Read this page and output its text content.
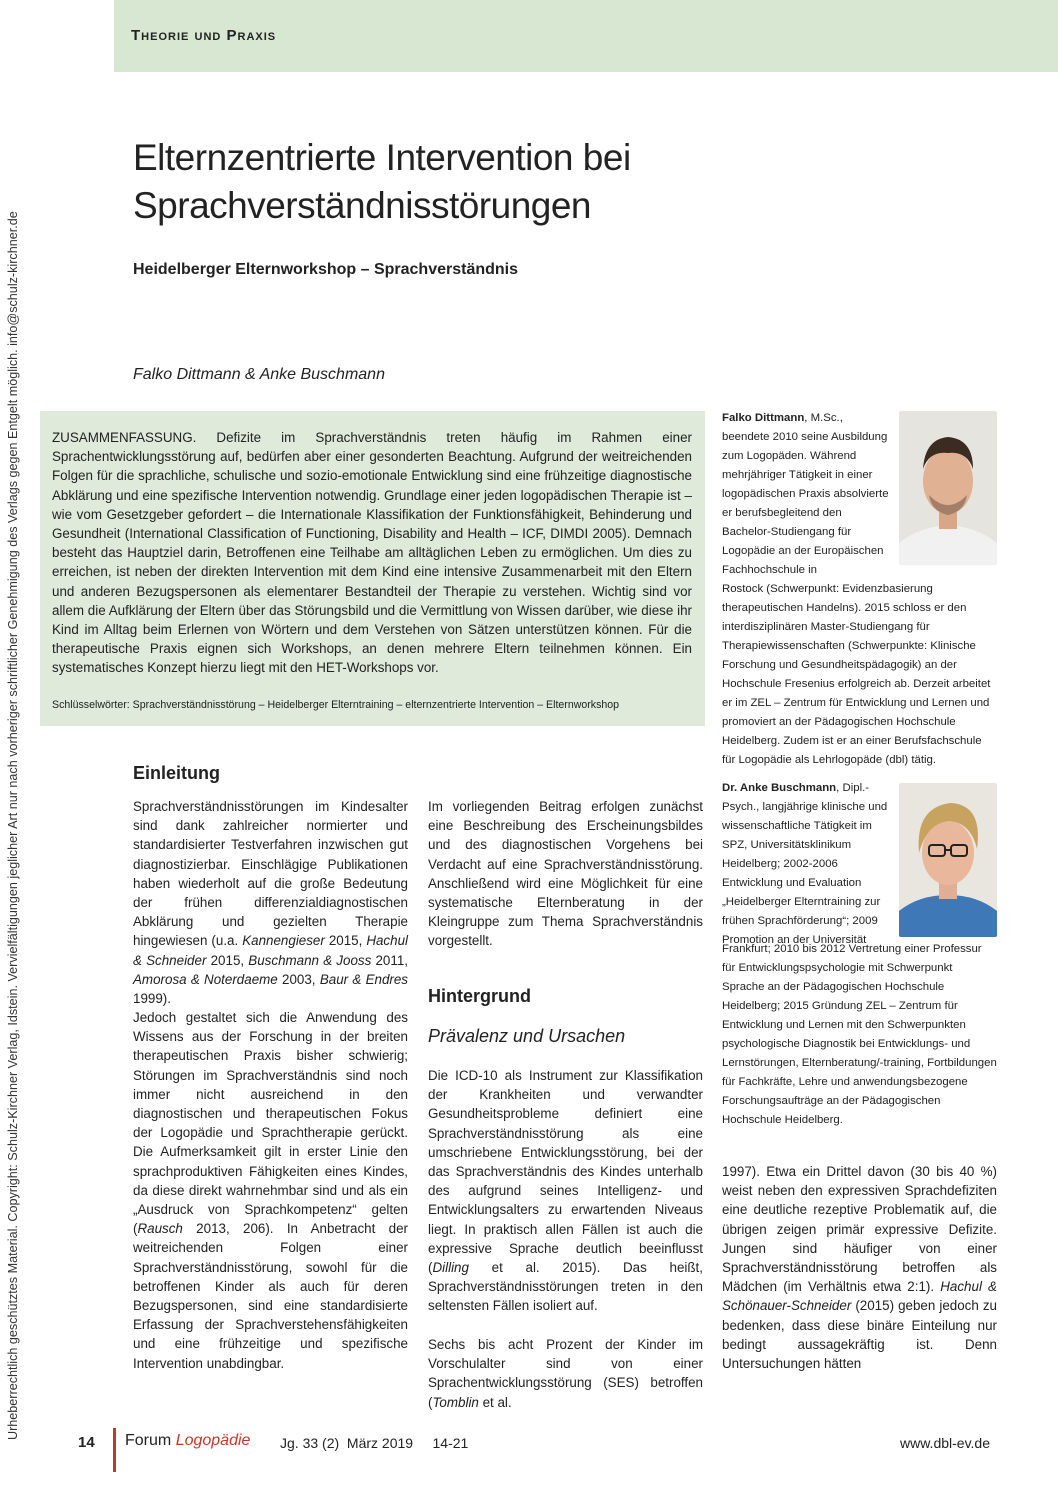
Theorie und Praxis
Urheberrechtlich geschütztes Material. Copyright: Schulz-Kirchner Verlag, Idstein. Vervielfältigungen jeglicher Art nur nach vorheriger schriftlicher Genehmigung des Verlags gegen Entgelt möglich. info@schulz-kirchner.de
Elternzentrierte Intervention bei
Sprachverständnisstörungen
Heidelberger Elternworkshop – Sprachverständnis
Falko Dittmann & Anke Buschmann
ZUSAMMENFASSUNG. Defizite im Sprachverständnis treten häufig im Rahmen einer Sprachentwicklungsstörung auf, bedürfen aber einer gesonderten Beachtung. Aufgrund der weitreichenden Folgen für die sprachliche, schulische und sozio-emotionale Entwicklung sind eine frühzeitige diagnostische Abklärung und eine spezifische Intervention notwendig. Grundlage einer jeden logopädischen Therapie ist – wie vom Gesetzgeber gefordert – die Internationale Klassifikation der Funktionsfähigkeit, Behinderung und Gesundheit (International Classification of Functioning, Disability and Health – ICF, DIMDI 2005). Demnach besteht das Hauptziel darin, Betroffenen eine Teilhabe am alltäglichen Leben zu ermöglichen. Um dies zu erreichen, ist neben der direkten Intervention mit dem Kind eine intensive Zusammenarbeit mit den Eltern und anderen Bezugspersonen als elementarer Bestandteil der Therapie zu verstehen. Wichtig sind vor allem die Aufklärung der Eltern über das Störungsbild und die Vermittlung von Wissen darüber, wie diese ihr Kind im Alltag beim Erlernen von Wörtern und dem Verstehen von Sätzen unterstützen können. Für die therapeutische Praxis eignen sich Workshops, an denen mehrere Eltern teilnehmen können. Ein systematisches Konzept hierzu liegt mit den HET-Workshops vor.
Schlüsselwörter: Sprachverständnisstörung – Heidelberger Elterntraining – elternzentrierte Intervention – Elternworkshop
Falko Dittmann, M.Sc., beendete 2010 seine Ausbildung zum Logopäden. Während mehrjähriger Tätigkeit in einer logopädischen Praxis absolvierte er berufsbegleitend den Bachelor-Studiengang für Logopädie an der Europäischen Fachhochschule in
Rostock (Schwerpunkt: Evidenzbasierung therapeutischen Handelns). 2015 schloss er den interdisziplinären Master-Studiengang für Therapiewissenschaften (Schwerpunkte: Klinische Forschung und Gesundheitspädagogik) an der Hochschule Fresenius erfolgreich ab. Derzeit arbeitet er im ZEL – Zentrum für Entwicklung und Lernen und promoviert an der Pädagogischen Hochschule Heidelberg. Zudem ist er an einer Berufsfachschule für Logopädie als Lehrlogopäde (dbl) tätig.
Dr. Anke Buschmann, Dipl.- Psych., langjährige klinische und wissenschaftliche Tätigkeit im SPZ, Universitätsklinikum Heidelberg; 2002-2006 Entwicklung und Evaluation „Heidelberger Elterntraining zur frühen Sprachförderung“; 2009 Promotion an der Universität
Frankfurt; 2010 bis 2012 Vertretung einer Professur für Entwicklungspsychologie mit Schwerpunkt Sprache an der Pädagogischen Hochschule Heidelberg; 2015 Gründung ZEL – Zentrum für Entwicklung und Lernen mit den Schwerpunkten psychologische Diagnostik bei Entwicklungs- und Lernstörungen, Elternberatung/-training, Fortbildungen für Fachkräfte, Lehre und anwendungsbezogene Forschungsaufträge an der Pädagogischen Hochschule Heidelberg.
Einleitung
Sprachverständnisstörungen im Kindesalter sind dank zahlreicher normierter und standardisierter Testverfahren inzwischen gut diagnostizierbar. Einschlägige Publikationen haben wiederholt auf die große Bedeutung der frühen differenzialdiagnostischen Abklärung und gezielten Therapie hingewiesen (u.a. Kannengieser 2015, Hachul & Schneider 2015, Buschmann & Jooss 2011, Amorosa & Noterdaeme 2003, Baur & Endres 1999).
Jedoch gestaltet sich die Anwendung des Wissens aus der Forschung in der breiten therapeutischen Praxis bisher schwierig; Störungen im Sprachverständnis sind noch immer nicht ausreichend in den diagnostischen und therapeutischen Fokus der Logopädie und Sprachtherapie gerückt. Die Aufmerksamkeit gilt in erster Linie den sprachproduktiven Fähigkeiten eines Kindes, da diese direkt wahrnehmbar sind und als ein „Ausdruck von Sprachkompetenz“ gelten (Rausch 2013, 206). In Anbetracht der weitreichenden Folgen einer Sprachverständnisstörung, sowohl für die betroffenen Kinder als auch für deren Bezugspersonen, sind eine standardisierte Erfassung der Sprachverstehensfähigkeiten und eine frühzeitige und spezifische Intervention unabdingbar.
Im vorliegenden Beitrag erfolgen zunächst eine Beschreibung des Erscheinungsbildes und des diagnostischen Vorgehens bei Verdacht auf eine Sprachverständnisstörung. Anschließend wird eine Möglichkeit für eine systematische Elternberatung in der Kleingruppe zum Thema Sprachverständnis vorgestellt.
Hintergrund
Prävalenz und Ursachen
Die ICD-10 als Instrument zur Klassifikation der Krankheiten und verwandter Gesundheitsprobleme definiert eine Sprachverständnisstörung als eine umschriebene Entwicklungsstörung, bei der das Sprachverständnis des Kindes unterhalb des aufgrund seines Intelligenz- und Entwicklungsalters zu erwartenden Niveaus liegt. In praktisch allen Fällen ist auch die expressive Sprache deutlich beeinflusst (Dilling et al. 2015). Das heißt, Sprachverständnisstörungen treten in den seltensten Fällen isoliert auf.
Sechs bis acht Prozent der Kinder im Vorschulalter sind von einer Sprachentwicklungsstörung (SES) betroffen (Tomblin et al.
1997). Etwa ein Drittel davon (30 bis 40 %) weist neben den expressiven Sprachdefiziten eine deutliche rezeptive Problematik auf, die übrigen zeigen primär expressive Defizite. Jungen sind häufiger von einer Sprachverständnisstörung betroffen als Mädchen (im Verhältnis etwa 2:1). Hachul & Schönauer-Schneider (2015) geben jedoch zu bedenken, dass diese binäre Einteilung nur bedingt aussagekräftig ist. Denn Untersuchungen hätten
14 Forum Logopädie Jg. 33 (2)  März 2019     14-21	www.dbl-ev.de
